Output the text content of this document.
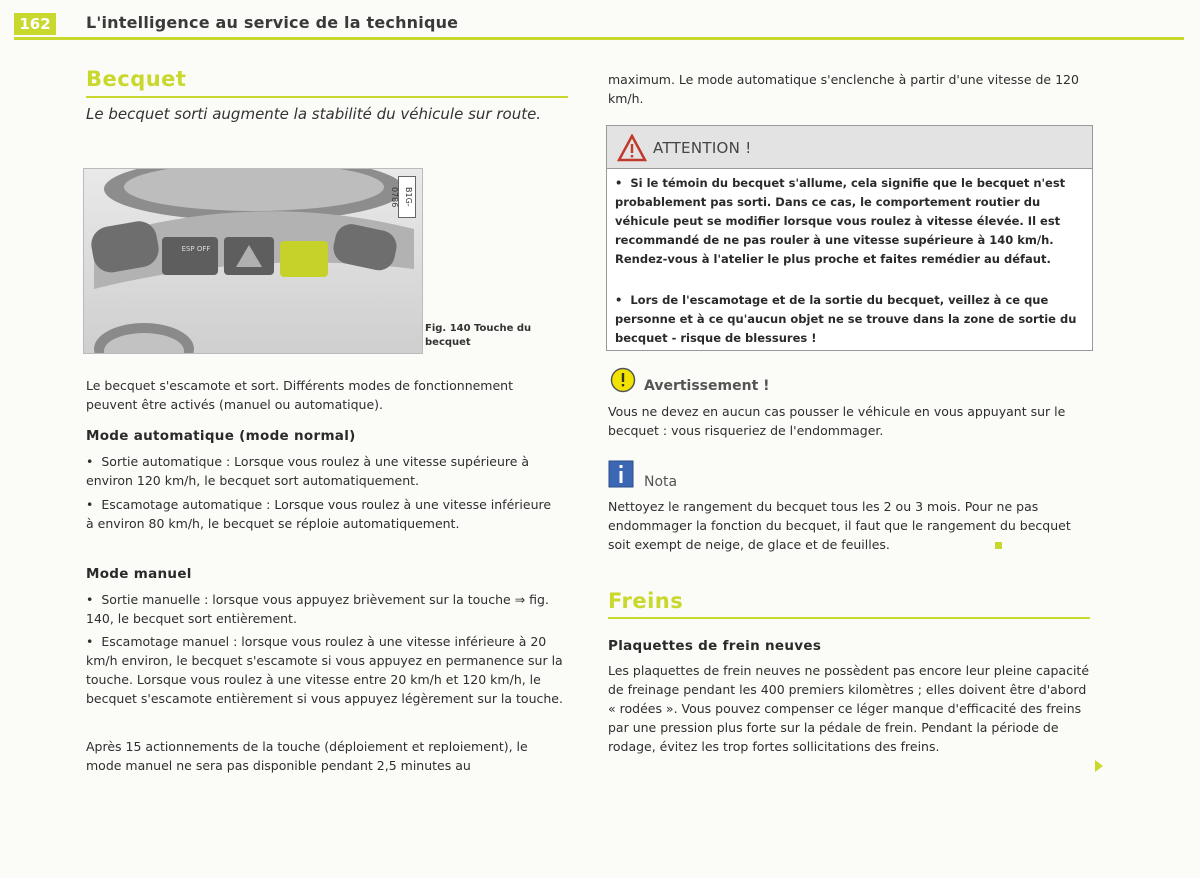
162	L'intelligence au service de la technique
Becquet
Le becquet sorti augmente la stabilité du véhicule sur route.
ESP OFF
B1G-0786
Fig. 140 Touche du becquet

Le becquet s'escamote et sort. Différents modes de fonctionnement peuvent être activés (manuel ou automatique).

Mode automatique (mode normal)

• Sortie automatique : Lorsque vous roulez à une vitesse supérieure à environ 120 km/h, le becquet sort automatiquement.

• Escamotage automatique : Lorsque vous roulez à une vitesse inférieure à environ 80 km/h, le becquet se réploie automatiquement.

Mode manuel

• Sortie manuelle : lorsque vous appuyez brièvement sur la touche ⇒ fig. 140, le becquet sort entièrement.

• Escamotage manuel : lorsque vous roulez à une vitesse inférieure à 20 km/h environ, le becquet s'escamote si vous appuyez en permanence sur la touche. Lorsque vous roulez à une vitesse entre 20 km/h et 120 km/h, le becquet s'escamote entièrement si vous appuyez légèrement sur la touche.

Après 15 actionnements de la touche (déploiement et reploiement), le mode manuel ne sera pas disponible pendant 2,5 minutes au

maximum. Le mode automatique s'enclenche à partir d'une vitesse de 120 km/h.

ATTENTION !
• Si le témoin du becquet s'allume, cela signifie que le becquet n'est probablement pas sorti. Dans ce cas, le comportement routier du véhicule peut se modifier lorsque vous roulez à vitesse élevée. Il est recommandé de ne pas rouler à une vitesse supérieure à 140 km/h. Rendez-vous à l'atelier le plus proche et faites remédier au défaut.
• Lors de l'escamotage et de la sortie du becquet, veillez à ce que personne et à ce qu'aucun objet ne se trouve dans la zone de sortie du becquet - risque de blessures !
Avertissement !

Vous ne devez en aucun cas pousser le véhicule en vous appuyant sur le becquet : vous risqueriez de l'endommager.

Nota

Nettoyez le rangement du becquet tous les 2 ou 3 mois. Pour ne pas endommager la fonction du becquet, il faut que le rangement du becquet soit exempt de neige, de glace et de feuilles.

Freins
Plaquettes de frein neuves

Les plaquettes de frein neuves ne possèdent pas encore leur pleine capacité de freinage pendant les 400 premiers kilomètres ; elles doivent être d'abord « rodées ». Vous pouvez compenser ce léger manque d'efficacité des freins par une pression plus forte sur la pédale de frein. Pendant la période de rodage, évitez les trop fortes sollicitations des freins.
